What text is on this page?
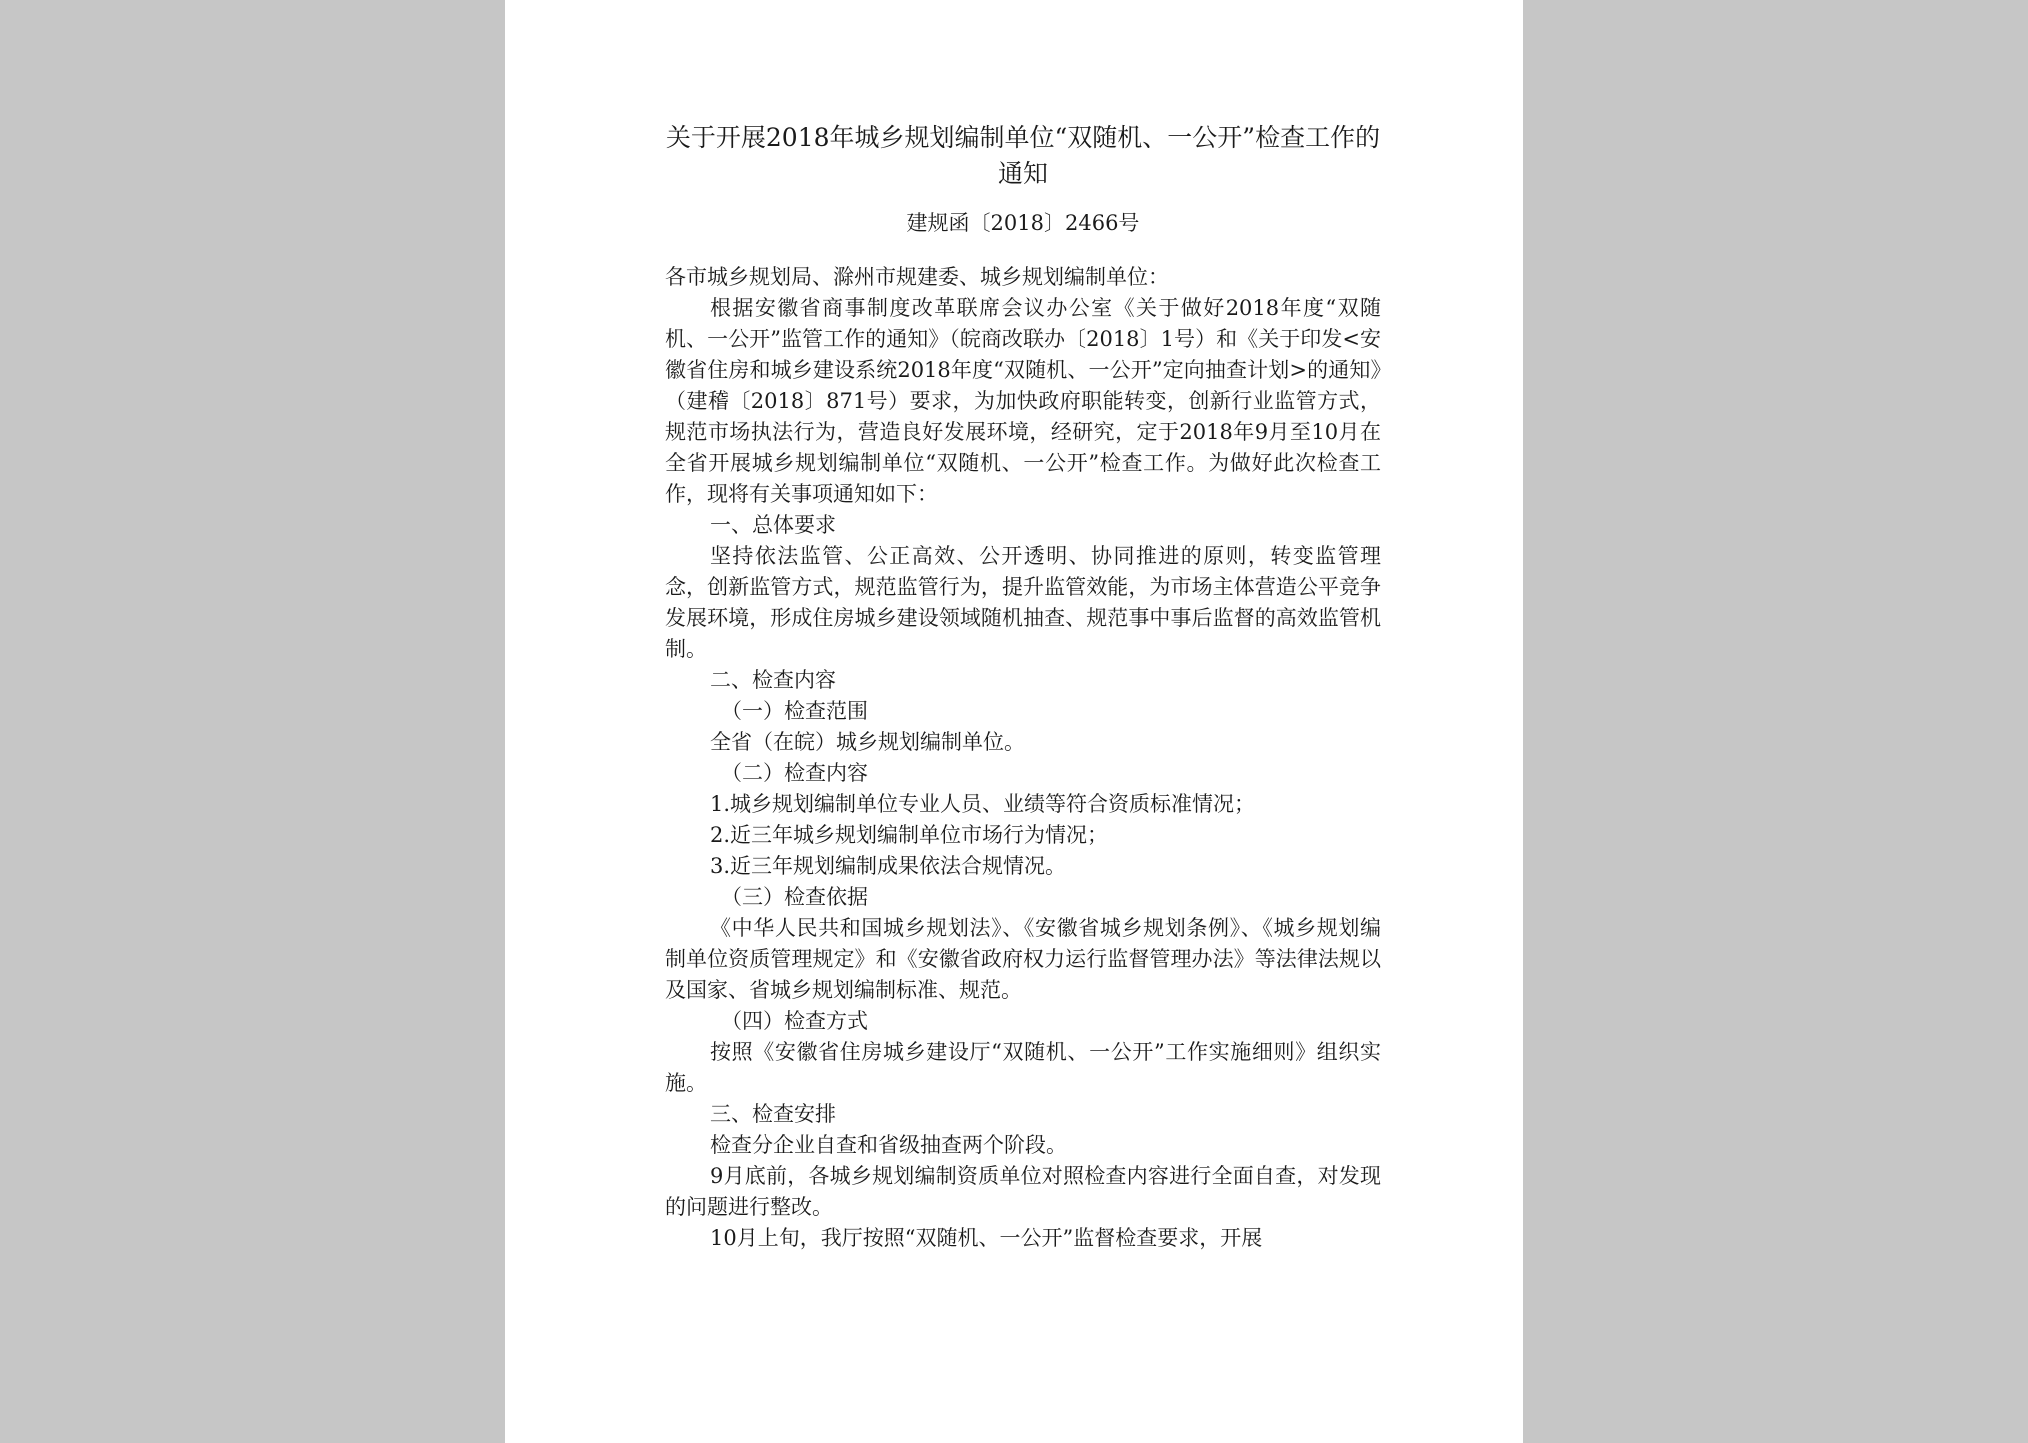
关于开展2018年城乡规划编制单位“双随机、一公开”检查工作的通知
建规函〔2018〕2466号

各市城乡规划局、滁州市规建委、城乡规划编制单位：

根据安徽省商事制度改革联席会议办公室《关于做好2018年度“双随机、一公开”监管工作的通知》（皖商改联办〔2018〕1号）和《关于印发<安徽省住房和城乡建设系统2018年度“双随机、一公开”定向抽查计划>的通知》（建稽〔2018〕871号）要求，为加快政府职能转变，创新行业监管方式，规范市场执法行为，营造良好发展环境，经研究，定于2018年9月至10月在全省开展城乡规划编制单位“双随机、一公开”检查工作。为做好此次检查工作，现将有关事项通知如下：

一、总体要求

坚持依法监管、公正高效、公开透明、协同推进的原则，转变监管理念，创新监管方式，规范监管行为，提升监管效能，为市场主体营造公平竞争发展环境，形成住房城乡建设领域随机抽查、规范事中事后监督的高效监管机制。

二、检查内容

（一）检查范围

全省（在皖）城乡规划编制单位。

（二）检查内容

1.城乡规划编制单位专业人员、业绩等符合资质标准情况；

2.近三年城乡规划编制单位市场行为情况；

3.近三年规划编制成果依法合规情况。

（三）检查依据

《中华人民共和国城乡规划法》、《安徽省城乡规划条例》、《城乡规划编制单位资质管理规定》和《安徽省政府权力运行监督管理办法》等法律法规以及国家、省城乡规划编制标准、规范。

（四）检查方式

按照《安徽省住房城乡建设厅“双随机、一公开”工作实施细则》组织实施。

三、检查安排

检查分企业自查和省级抽查两个阶段。

9月底前，各城乡规划编制资质单位对照检查内容进行全面自查，对发现的问题进行整改。

10月上旬，我厅按照“双随机、一公开”监督检查要求，开展
